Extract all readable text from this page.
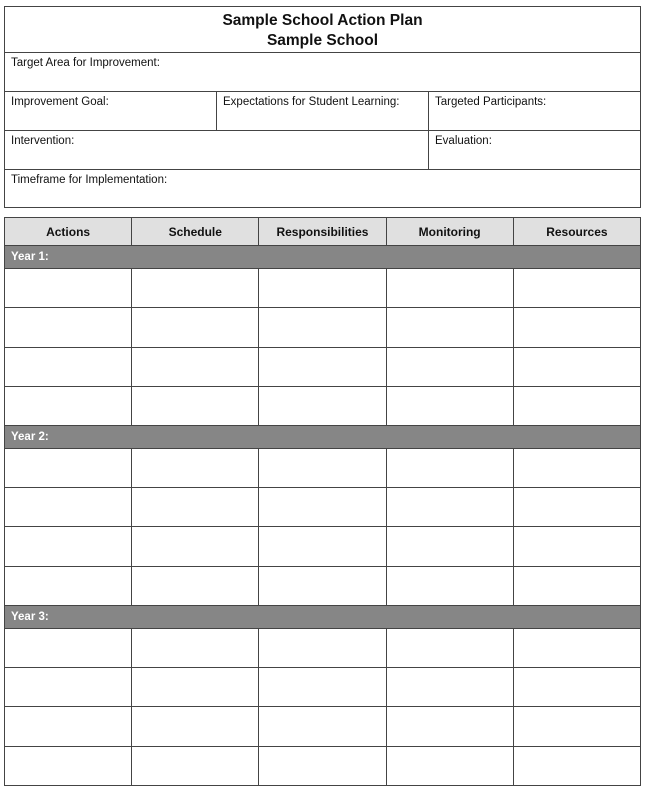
Sample School Action Plan
Sample School
Target Area for Improvement:
Improvement Goal:	Expectations for Student Learning:	Targeted Participants:
Intervention:	Evaluation:
Timeframe for Implementation:
Actions	Schedule	Responsibilities	Monitoring	Resources
Year 1:				

Year 2:				

Year 3:				
